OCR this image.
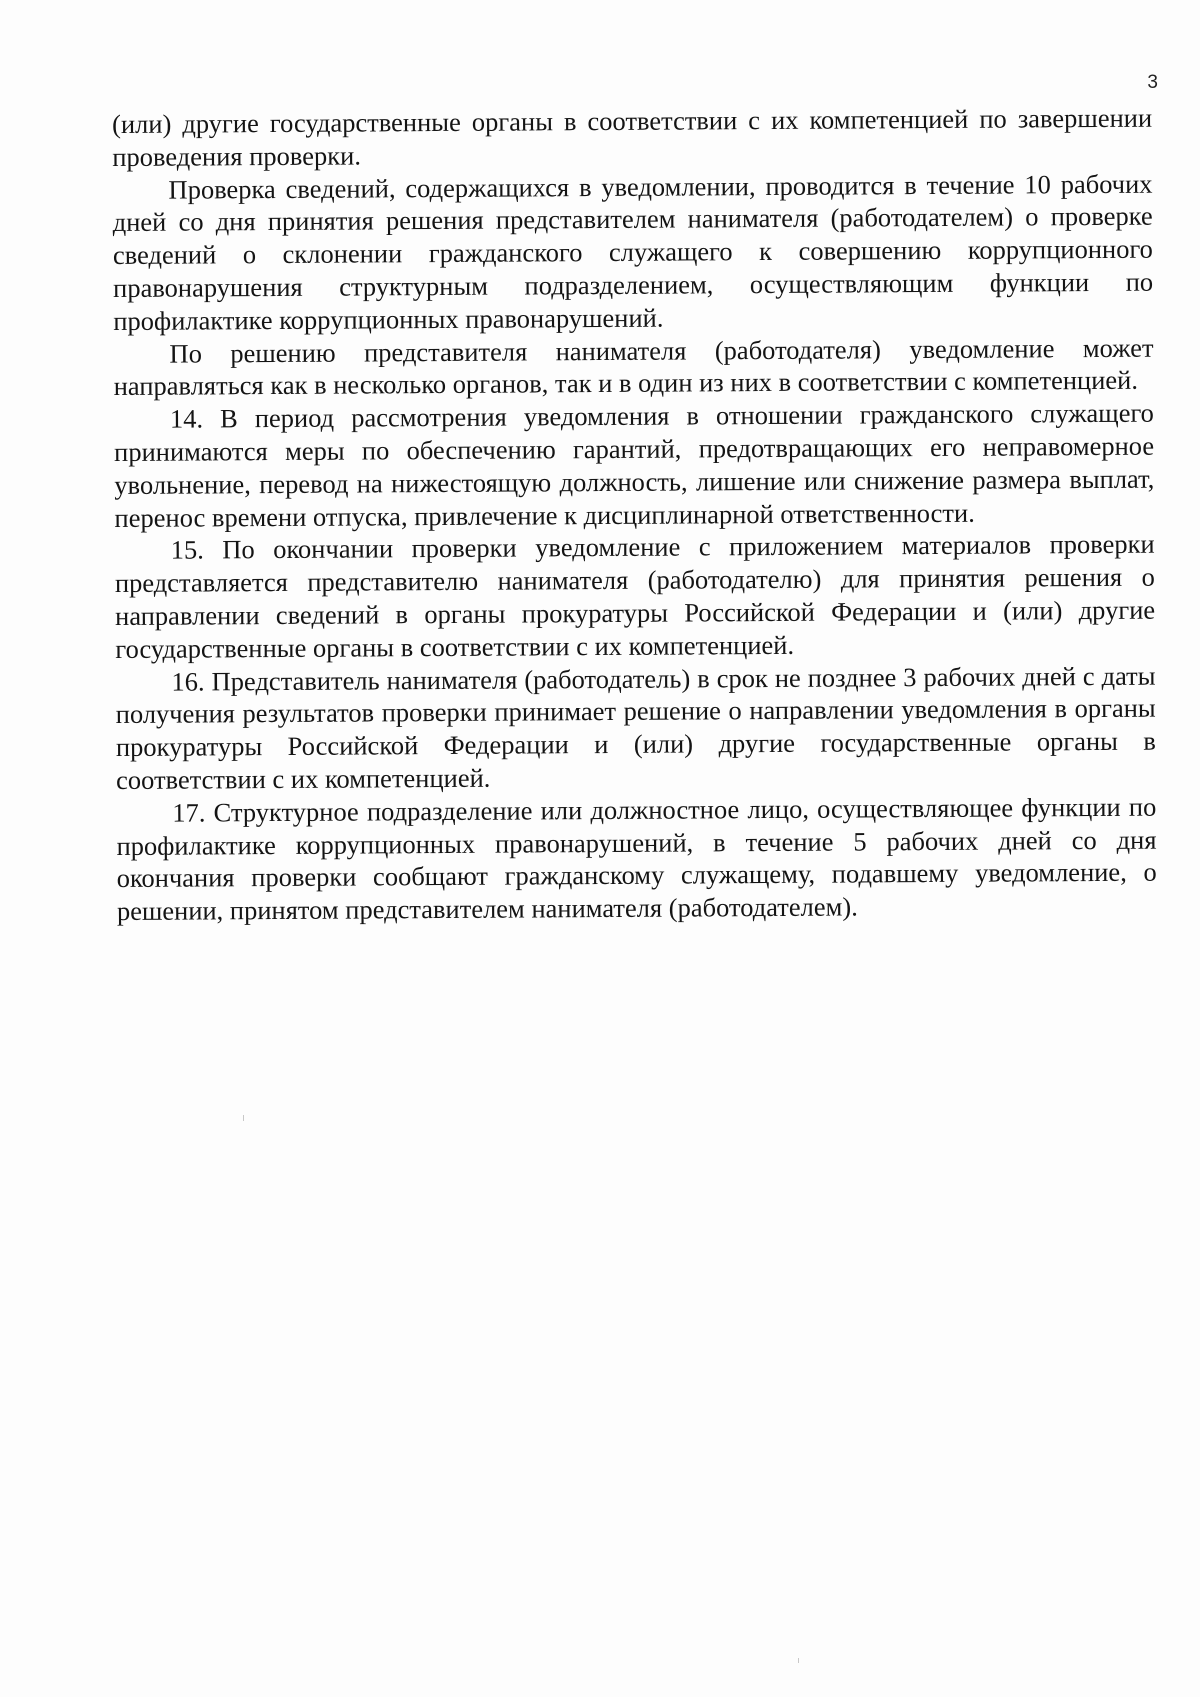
3

(или) другие государственные органы в соответствии с их компетенцией по завершении проведения проверки.

Проверка сведений, содержащихся в уведомлении, проводится в течение 10 рабочих дней со дня принятия решения представителем нанимателя (работодателем) о проверке сведений о склонении гражданского служащего к совершению коррупционного правонарушения структурным подразделением, осуществляющим функции по профилактике коррупционных правонарушений.

По решению представителя нанимателя (работодателя) уведомление может направляться как в несколько органов, так и в один из них в соответствии с компетенцией.

14. В период рассмотрения уведомления в отношении гражданского служащего принимаются меры по обеспечению гарантий, предотвращающих его неправомерное увольнение, перевод на нижестоящую должность, лишение или снижение размера выплат, перенос времени отпуска, привлечение к дисциплинарной ответственности.

15. По окончании проверки уведомление с приложением материалов проверки представляется представителю нанимателя (работодателю) для принятия решения о направлении сведений в органы прокуратуры Российской Федерации и (или) другие государственные органы в соответствии с их компетенцией.

16. Представитель нанимателя (работодатель) в срок не позднее 3 рабочих дней с даты получения результатов проверки принимает решение о направлении уведомления в органы прокуратуры Российской Федерации и (или) другие государственные органы в соответствии с их компетенцией.

17. Структурное подразделение или должностное лицо, осуществляющее функции по профилактике коррупционных правонарушений, в течение 5 рабочих дней со дня окончания проверки сообщают гражданскому служащему, подавшему уведомление, о решении, принятом представителем нанимателя (работодателем).
